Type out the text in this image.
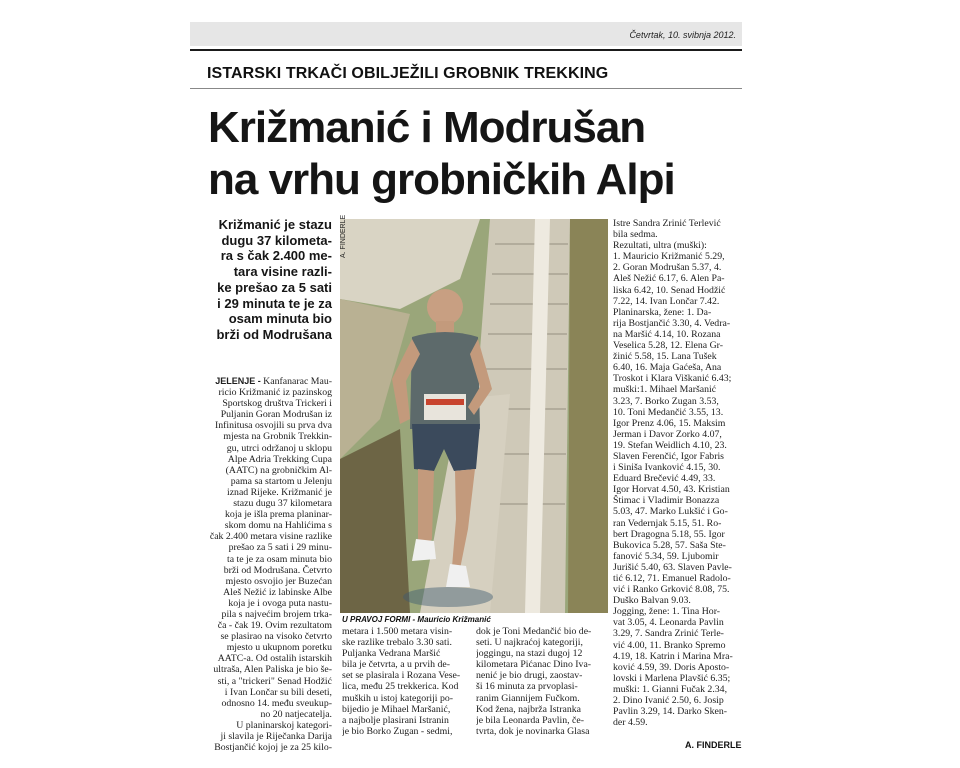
Četvrtak, 10. svibnja 2012.
ISTARSKI TRKAČI OBILJEŽILI GROBNIK TREKKING
Križmanić i Modrušan
na vrhu grobničkih Alpi
Križmanić je stazu
dugu 37 kilometa-
ra s čak 2.400 me-
tara visine razli-
ke prešao za 5 sati
i 29 minuta te je za
osam minuta bio
brži od Modrušana
JELENJE - Kanfanarac Mau-
ricio Križmanić iz pazinskog
Sportskog društva Trickeri i
Puljanin Goran Modrušan iz
Infinitusa osvojili su prva dva
mjesta na Grobnik Trekkin-
gu, utrci održanoj u sklopu
Alpe Adria Trekking Cupa
(AATC) na grobničkim Al-
pama sa startom u Jelenju
iznad Rijeke. Križmanić je
stazu dugu 37 kilometara
koja je išla prema planinar-
skom domu na Hahlićima s
čak 2.400 metara visine razlike
prešao za 5 sati i 29 minu-
ta te je za osam minuta bio
brži od Modrušana. Četvrto
mjesto osvojio jer Buzećan
Aleš Nežić iz labinske Albe
koja je i ovoga puta nastu-
pila s najvećim brojem trka-
ča - čak 19. Ovim rezultatom
se plasirao na visoko četvrto
mjesto u ukupnom poretku
AATC-a. Od ostalih istarskih
ultraša, Alen Paliska je bio še-
sti, a "trickeri" Senad Hodžić
i Ivan Lončar su bili deseti,
odnosno 14. među sveukup-
no 20 natjecatelja.
U planinarskoj kategori-
ji slavila je Riječanka Darija
Bostjančić kojoj je za 25 kilo-
metara i 1.500 metara visin-
ske razlike trebalo 3.30 sati.
Puljanka Vedrana Maršić
bila je četvrta, a u prvih de-
set se plasirala i Rozana Vese-
lica, među 25 trekkerica. Kod
muških u istoj kategoriji po-
bijedio je Mihael Maršanić,
a najbolje plasirani Istranin
je bio Borko Zugan - sedmi,
dok je Toni Medančić bio de-
seti. U najkraćoj kategoriji,
joggingu, na stazi dugoj 12
kilometara Pićanac Dino Iva-
nenić je bio drugi, zaostav-
ši 16 minuta za prvoplasi-
ranim Giannijem Fučkom.
Kod žena, najbrža Istranka
je bila Leonarda Pavlin, če-
tvrta, dok je novinarka Glasa
Istre Sandra Zrinić Terlević
bila sedma.
Rezultati, ultra (muški):
1. Mauricio Križmanić 5.29,
2. Goran Modrušan 5.37, 4.
Aleš Nežić 6.17, 6. Alen Pa-
liska 6.42, 10. Senad Hodžić
7.22, 14. Ivan Lončar 7.42.
Planinarska, žene: 1. Da-
rija Bostjančić 3.30, 4. Vedra-
na Maršić 4.14, 10. Rozana
Veselica 5.28, 12. Elena Gr-
žinić 5.58, 15. Lana Tušek
6.40, 16. Maja Gaćeša, Ana
Troskot i Klara Viškanić 6.43;
muški:1. Mihael Maršanić
3.23, 7. Borko Zugan 3.53,
10. Toni Medančić 3.55, 13.
Igor Prenz 4.06, 15. Maksim
Jerman i Davor Zorko 4.07,
19. Stefan Weidlich 4.10, 23.
Slaven Ferenčić, Igor Fabris
i Siniša Ivanković 4.15, 30.
Eduard Brečević 4.49, 33.
Igor Horvat 4.50, 43. Kristian
Štimac i Vladimir Bonazza
5.03, 47. Marko Lukšić i Go-
ran Vedernjak 5.15, 51. Ro-
bert Dragogna 5.18, 55. Igor
Bukovica 5.28, 57. Saša Ste-
fanović 5.34, 59. Ljubomir
Jurišić 5.40, 63. Slaven Pavle-
tić 6.12, 71. Emanuel Radolo-
vić i Ranko Grković 8.08, 75.
Duško Balvan 9.03.
Jogging, žene: 1. Tina Hor-
vat 3.05, 4. Leonarda Pavlin
3.29, 7. Sandra Zrinić Terle-
vić 4.00, 11. Branko Spremo
4.19, 18. Katrin i Marina Mra-
ković 4.59, 39. Doris Aposto-
lovski i Marlena Plavšić 6.35;
muški: 1. Gianni Fučak 2.34,
2. Dino Ivanić 2.50, 6. Josip
Pavlin 3.29, 14. Darko Sken-
der 4.59.
A. FINDERLE
U PRAVOJ FORMI - Mauricio Križmanić
A. FINDERLE
